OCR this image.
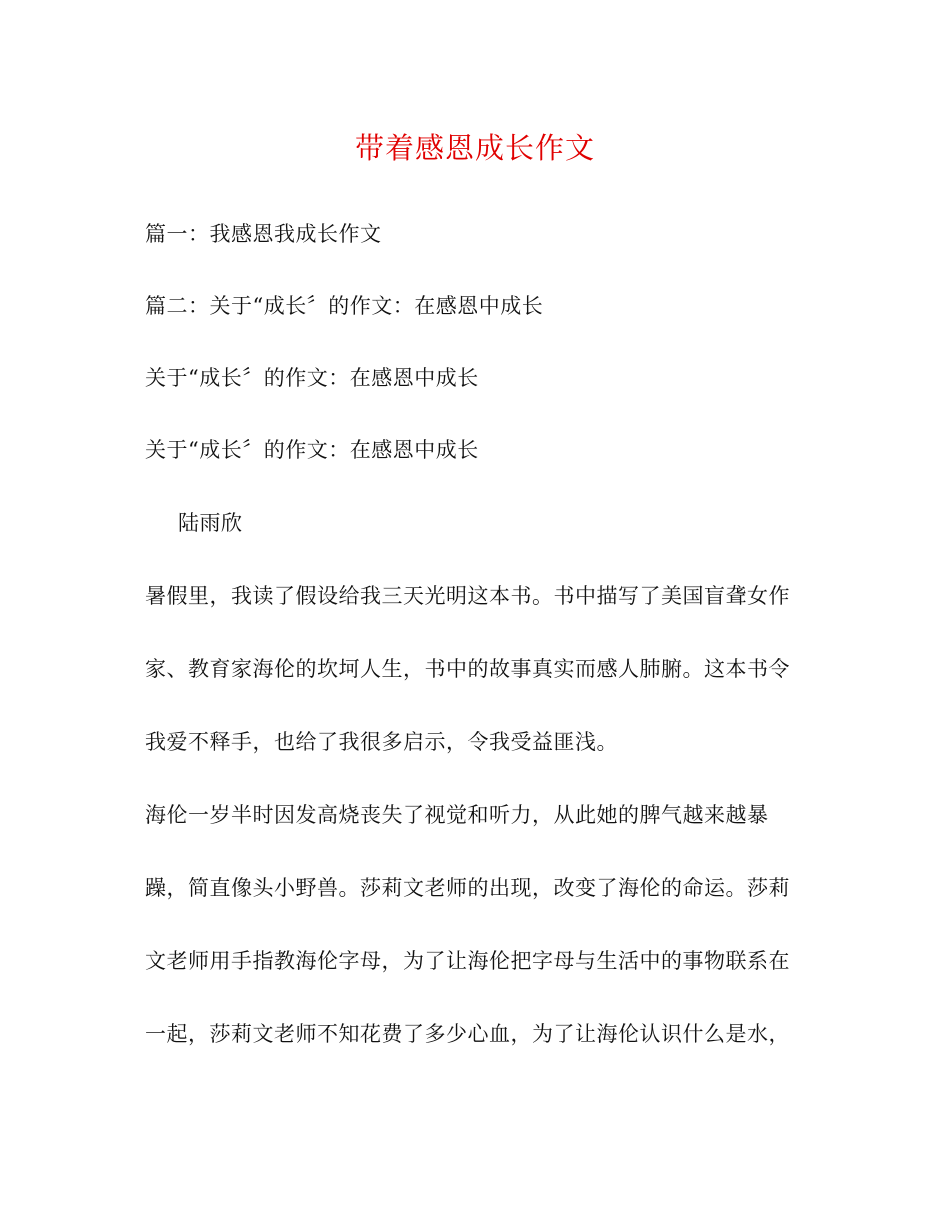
带着感恩成长作文
篇一：我感恩我成长作文
篇二：关于“成长〞的作文：在感恩中成长
关于“成长〞的作文：在感恩中成长
关于“成长〞的作文：在感恩中成长
陆雨欣
暑假里，我读了假设给我三天光明这本书。书中描写了美国盲聋女作
家、教育家海伦的坎坷人生，书中的故事真实而感人肺腑。这本书令
我爱不释手，也给了我很多启示，令我受益匪浅。
海伦一岁半时因发高烧丧失了视觉和听力，从此她的脾气越来越暴
躁，简直像头小野兽。莎莉文老师的出现，改变了海伦的命运。莎莉
文老师用手指教海伦字母，为了让海伦把字母与生活中的事物联系在
一起，莎莉文老师不知花费了多少心血，为了让海伦认识什么是水，
